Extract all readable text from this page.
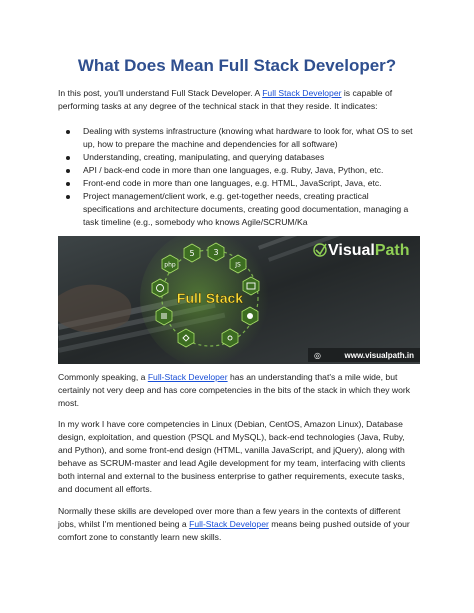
What Does Mean Full Stack Developer?

In this post, you'll understand Full Stack Developer. A Full Stack Developer is capable of performing tasks at any degree of the technical stack in that they reside. It indicates:

Dealing with systems infrastructure (knowing what hardware to look for, what OS to set up, how to prepare the machine and dependencies for all software)
Understanding, creating, manipulating, and querying databases
API / back-end code in more than one languages, e.g. Ruby, Java, Python, etc.
Front-end code in more than one languages, e.g. HTML, JavaScript, Java, etc.
Project management/client work, e.g. get-together needs, creating practical specifications and architecture documents, creating good documentation, managing a task timeline (e.g., somebody who knows Agile/SCRUM/Ka
php
5 3
JS
Full Stack
VisualPath
www.visualpath.in
◎

Commonly speaking, a Full-Stack Developer has an understanding that's a mile wide, but certainly not very deep and has core competencies in the bits of the stack in which they work most.

In my work I have core competencies in Linux (Debian, CentOS, Amazon Linux), Database design, exploitation, and question (PSQL and MySQL), back-end technologies (Java, Ruby, and Python), and some front-end design (HTML, vanilla JavaScript, and jQuery), along with behave as SCRUM-master and lead Agile development for my team, interfacing with clients both internal and external to the business enterprise to gather requirements, execute tasks, and document all efforts.

Normally these skills are developed over more than a few years in the contexts of different jobs, whilst I'm mentioned being a Full-Stack Developer means being pushed outside of your comfort zone to constantly learn new skills.
